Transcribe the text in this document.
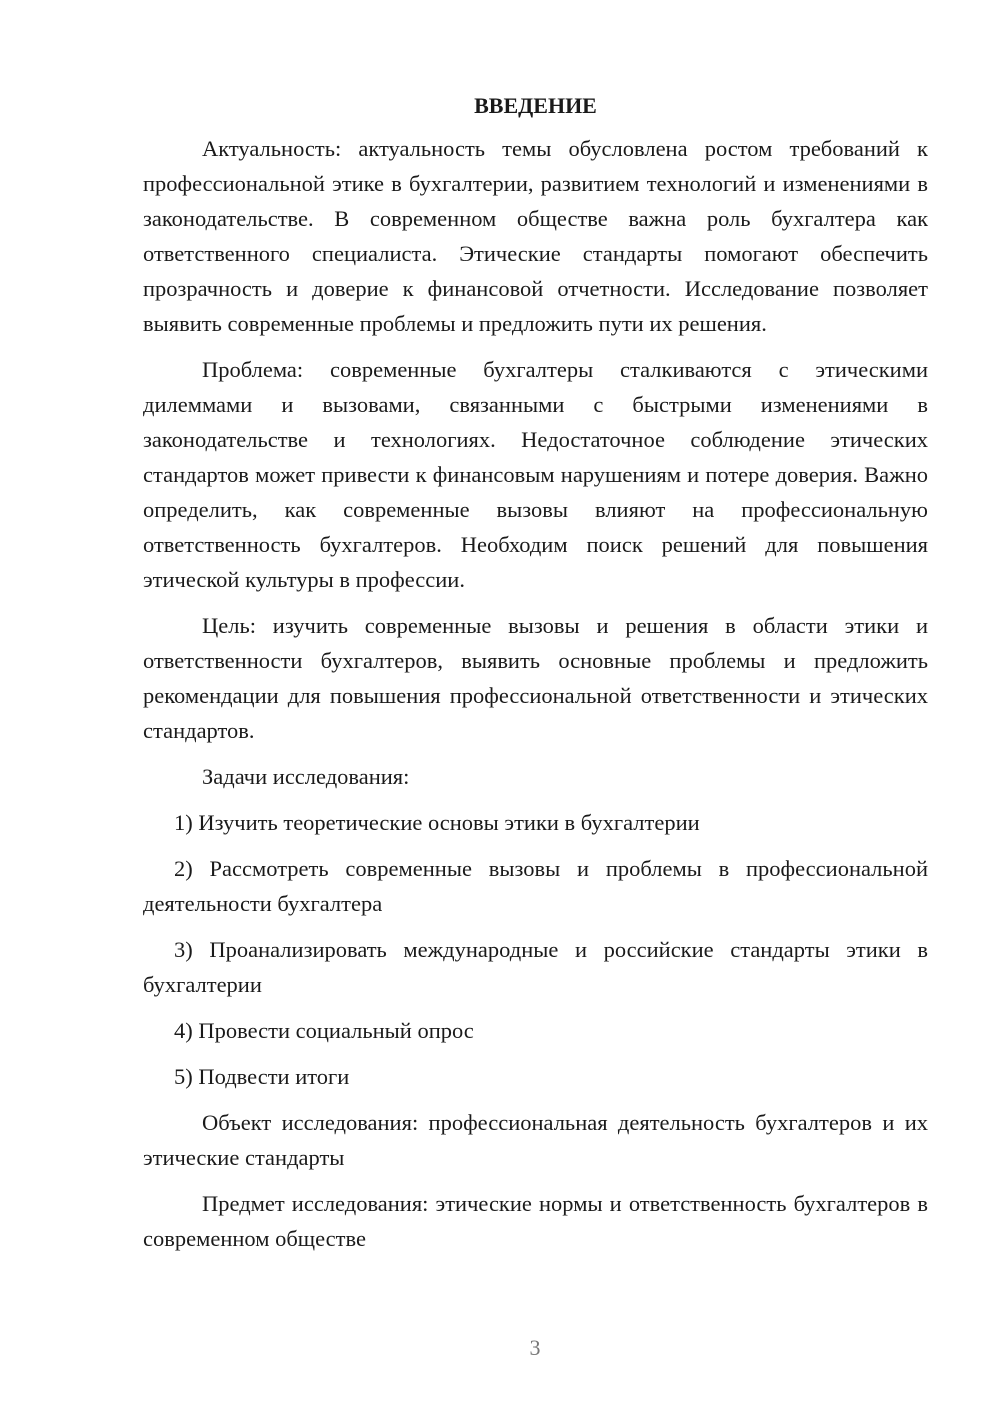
ВВЕДЕНИЕ

Актуальность: актуальность темы обусловлена ростом требований к профессиональной этике в бухгалтерии, развитием технологий и изменениями в законодательстве. В современном обществе важна роль бухгалтера как ответственного специалиста. Этические стандарты помогают обеспечить прозрачность и доверие к финансовой отчетности. Исследование позволяет выявить современные проблемы и предложить пути их решения.

Проблема: современные бухгалтеры сталкиваются с этическими дилеммами и вызовами, связанными с быстрыми изменениями в законодательстве и технологиях. Недостаточное соблюдение этических стандартов может привести к финансовым нарушениям и потере доверия. Важно определить, как современные вызовы влияют на профессиональную ответственность бухгалтеров. Необходим поиск решений для повышения этической культуры в профессии.

Цель: изучить современные вызовы и решения в области этики и ответственности бухгалтеров, выявить основные проблемы и предложить рекомендации для повышения профессиональной ответственности и этических стандартов.

Задачи исследования:

1) Изучить теоретические основы этики в бухгалтерии

2) Рассмотреть современные вызовы и проблемы в профессиональной деятельности бухгалтера

3) Проанализировать международные и российские стандарты этики в бухгалтерии

4) Провести социальный опрос

5) Подвести итоги

Объект исследования: профессиональная деятельность бухгалтеров и их этические стандарты

Предмет исследования: этические нормы и ответственность бухгалтеров в современном обществе

3
